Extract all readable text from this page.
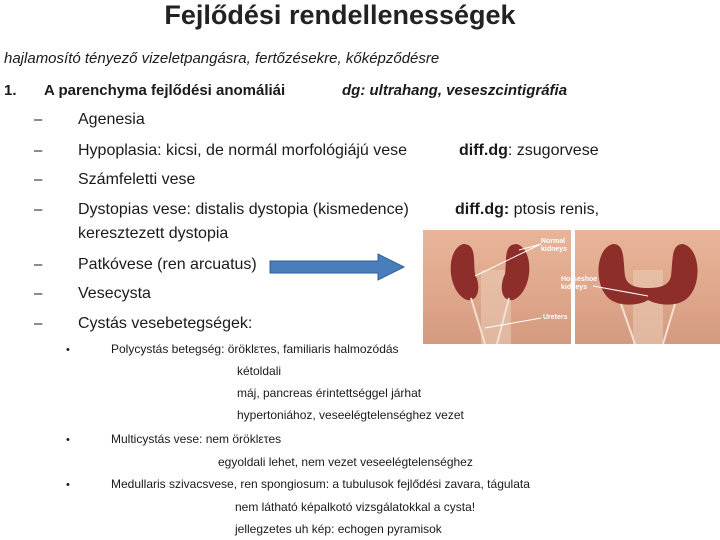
Fejlődési rendellenességek
hajlamosító tényező vizeletpangásra, fertőzésekre, kőképződésre
1. A parenchyma fejlődési anomáliái	dg: ultrahang, veseszcintigráfia
– Agenesia
– Hypoplasia: kicsi, de normál morfológiájú vese	diff.dg: zsugorvese
– Számfeletti vese
– Dystopias vese: distalis dystopia (kismedence)	diff.dg: ptosis renis,
keresztezett dystopia
– Patkóvese (ren arcuatus)
– Vesecysta
– Cystás vesebetegségek:
Normal
kidneys
Horseshoe
kidneys
Ureters
•	Polycystás betegség: öröklετes, familiaris halmozódás
kétoldali
máj, pancreas érintettséggel járhat
hypertoniához, veseelégtelenséghez vezet
•	Multicystás vese: nem öröklετes
egyoldali lehet, nem vezet veseelégtelenséghez
•	Medullaris szivacsvese, ren spongiosum: a tubulusok fejlődési zavara, tágulata
nem látható képalkotó vizsgálatokkal a cysta!
jellegzetes uh kép: echogen pyramisok
